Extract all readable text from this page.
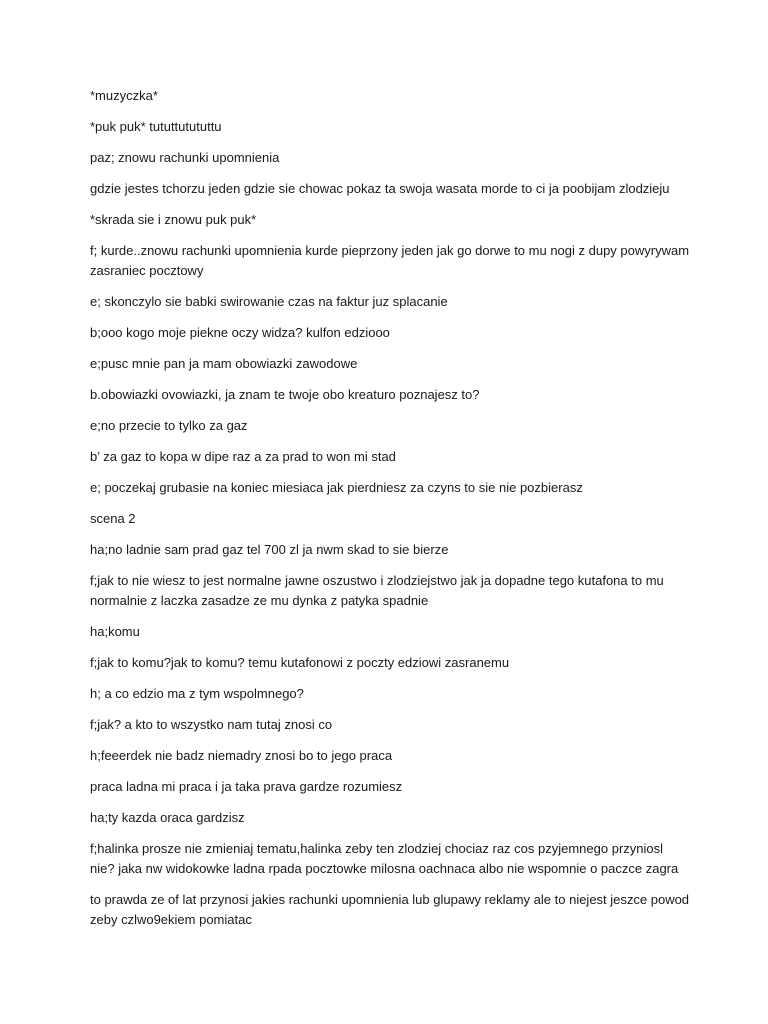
*muzyczka*

*puk puk* tututtutututtu

paz; znowu rachunki upomnienia

gdzie jestes tchorzu jeden gdzie sie chowac pokaz ta swoja wasata morde to ci ja poobijam zlodzieju

*skrada sie i znowu puk puk*

f; kurde..znowu rachunki upomnienia kurde pieprzony jeden jak go dorwe to mu nogi z dupy powyrywam zasraniec pocztowy

e; skonczylo sie babki swirowanie czas na faktur juz splacanie

b;ooo kogo moje piekne oczy widza? kulfon edziooo

e;pusc mnie pan ja mam obowiazki zawodowe

b.obowiazki ovowiazki, ja znam te twoje obo kreaturo poznajesz to?

e;no przecie to tylko za gaz

b’ za gaz to kopa w dipe raz a za prad to won mi stad

e; poczekaj grubasie na koniec miesiaca jak pierdniesz za czyns to sie nie pozbierasz

scena 2

ha;no ladnie sam prad gaz tel 700 zl ja nwm skad to sie bierze

f;jak to nie wiesz to jest normalne jawne oszustwo i zlodziejstwo jak ja dopadne tego kutafona to mu normalnie z laczka zasadze ze mu dynka z patyka spadnie

ha;komu

f;jak to komu?jak to komu? temu kutafonowi z poczty edziowi zasranemu

h; a co edzio ma z tym wspolmnego?

f;jak? a kto to wszystko nam tutaj znosi co

h;feeerdek nie badz niemadry znosi bo to jego praca

praca ladna mi praca i ja taka prava gardze rozumiesz

ha;ty kazda oraca gardzisz

f;halinka prosze nie zmieniaj tematu,halinka zeby ten zlodziej chociaz raz cos pzyjemnego przyniosl nie? jaka nw widokowke ladna rpada pocztowke milosna oachnaca albo nie wspomnie o paczce zagra

to prawda ze of lat przynosi jakies rachunki upomnienia lub glupawy reklamy ale to niejest jeszce powod zeby czlwo9ekiem pomiatac
